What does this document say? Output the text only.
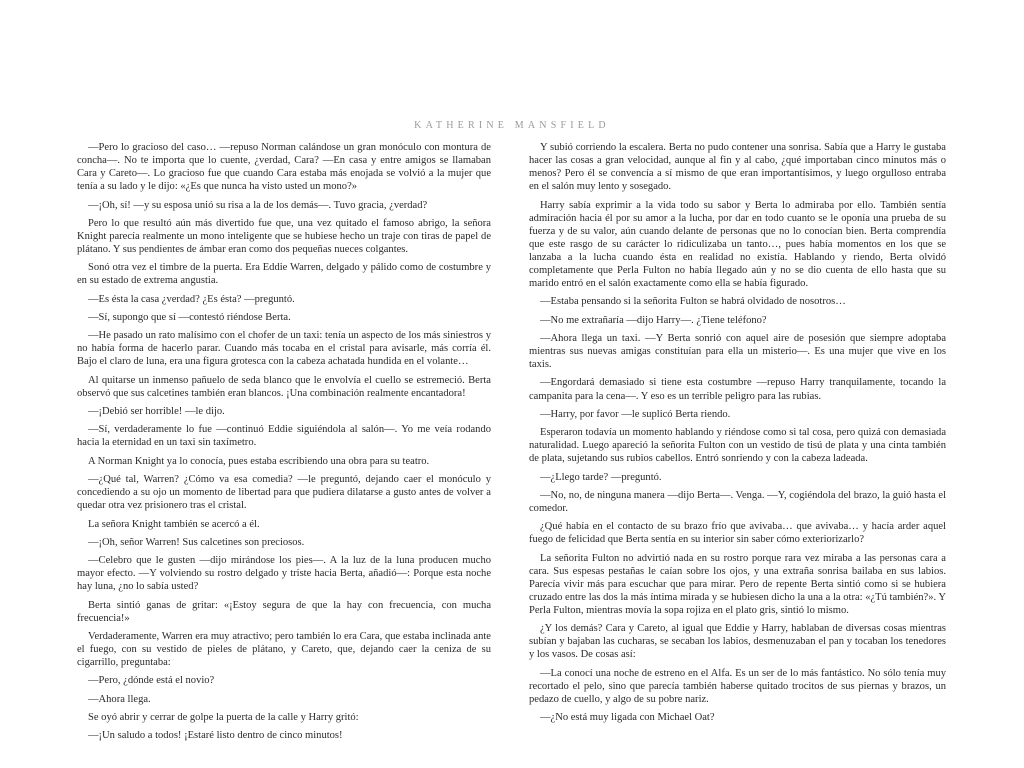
KATHERINE MANSFIELD

—Pero lo gracioso del caso… —repuso Norman calándose un gran monóculo con montura de concha—. No te importa que lo cuente, ¿verdad, Cara? —En casa y entre amigos se llamaban Cara y Careto—. Lo gracioso fue que cuando Cara estaba más enojada se volvió a la mujer que tenía a su lado y le dijo: «¿Es que nunca ha visto usted un mono?»

—¡Oh, sí! —y su esposa unió su risa a la de los demás—. Tuvo gracia, ¿verdad?

Pero lo que resultó aún más divertido fue que, una vez quitado el famoso abrigo, la señora Knight parecía realmente un mono inteligente que se hubiese hecho un traje con tiras de papel de plátano. Y sus pendientes de ámbar eran como dos pequeñas nueces colgantes.

Sonó otra vez el timbre de la puerta. Era Eddie Warren, delgado y pálido como de costumbre y en su estado de extrema angustia.

—Es ésta la casa ¿verdad? ¿Es ésta? —preguntó.

—Sí, supongo que sí —contestó riéndose Berta.

—He pasado un rato malísimo con el chofer de un taxi: tenía un aspecto de los más siniestros y no había forma de hacerlo parar. Cuando más tocaba en el cristal para avisarle, más corría él. Bajo el claro de luna, era una figura grotesca con la cabeza achatada hundida en el volante…

Al quitarse un inmenso pañuelo de seda blanco que le envolvía el cuello se estremeció. Berta observó que sus calcetines también eran blancos. ¡Una combinación realmente encantadora!

—¡Debió ser horrible! —le dijo.

—Sí, verdaderamente lo fue —continuó Eddie siguiéndola al salón—. Yo me veía rodando hacia la eternidad en un taxi sin taxímetro.

A Norman Knight ya lo conocía, pues estaba escribiendo una obra para su teatro.

—¿Qué tal, Warren? ¿Cómo va esa comedia? —le preguntó, dejando caer el monóculo y concediendo a su ojo un momento de libertad para que pudiera dilatarse a gusto antes de volver a quedar otra vez prisionero tras el cristal.

La señora Knight también se acercó a él.

—¡Oh, señor Warren! Sus calcetines son preciosos.

—Celebro que le gusten —dijo mirándose los pies—. A la luz de la luna producen mucho mayor efecto. —Y volviendo su rostro delgado y triste hacia Berta, añadió—: Porque esta noche hay luna, ¿no lo sabía usted?

Berta sintió ganas de gritar: «¡Estoy segura de que la hay con frecuencia, con mucha frecuencia!»

Verdaderamente, Warren era muy atractivo; pero también lo era Cara, que estaba inclinada ante el fuego, con su vestido de pieles de plátano, y Careto, que, dejando caer la ceniza de su cigarrillo, preguntaba:

—Pero, ¿dónde está el novio?

—Ahora llega.

Se oyó abrir y cerrar de golpe la puerta de la calle y Harry gritó:

—¡Un saludo a todos! ¡Estaré listo dentro de cinco minutos!

Y subió corriendo la escalera. Berta no pudo contener una sonrisa. Sabía que a Harry le gustaba hacer las cosas a gran velocidad, aunque al fin y al cabo, ¿qué importaban cinco minutos más o menos? Pero él se convencía a sí mismo de que eran importantísimos, y luego orgulloso entraba en el salón muy lento y sosegado.

Harry sabía exprimir a la vida todo su sabor y Berta lo admiraba por ello. También sentía admiración hacia él por su amor a la lucha, por dar en todo cuanto se le oponía una prueba de su fuerza y de su valor, aún cuando delante de personas que no lo conocían bien. Berta comprendía que este rasgo de su carácter lo ridiculizaba un tanto…, pues había momentos en los que se lanzaba a la lucha cuando ésta en realidad no existía. Hablando y riendo, Berta olvidó completamente que Perla Fulton no había llegado aún y no se dio cuenta de ello hasta que su marido entró en el salón exactamente como ella se había figurado.

—Estaba pensando si la señorita Fulton se habrá olvidado de nosotros…

—No me extrañaría —dijo Harry—. ¿Tiene teléfono?

—Ahora llega un taxi. —Y Berta sonrió con aquel aire de posesión que siempre adoptaba mientras sus nuevas amigas constituían para ella un misterio—. Es una mujer que vive en los taxis.

—Engordará demasiado si tiene esta costumbre —repuso Harry tranquilamente, tocando la campanita para la cena—. Y eso es un terrible peligro para las rubias.

—Harry, por favor —le suplicó Berta riendo.

Esperaron todavía un momento hablando y riéndose como si tal cosa, pero quizá con demasiada naturalidad. Luego apareció la señorita Fulton con un vestido de tisú de plata y una cinta también de plata, sujetando sus rubios cabellos. Entró sonriendo y con la cabeza ladeada.

—¿Llego tarde? —preguntó.

—No, no, de ninguna manera —dijo Berta—. Venga. —Y, cogiéndola del brazo, la guió hasta el comedor.

¿Qué había en el contacto de su brazo frío que avivaba… que avivaba… y hacía arder aquel fuego de felicidad que Berta sentía en su interior sin saber cómo exteriorizarlo?

La señorita Fulton no advirtió nada en su rostro porque rara vez miraba a las personas cara a cara. Sus espesas pestañas le caían sobre los ojos, y una extraña sonrisa bailaba en sus labios. Parecía vivir más para escuchar que para mirar. Pero de repente Berta sintió como si se hubiera cruzado entre las dos la más íntima mirada y se hubiesen dicho la una a la otra: «¿Tú también?». Y Perla Fulton, mientras movía la sopa rojiza en el plato gris, sintió lo mismo.

¿Y los demás? Cara y Careto, al igual que Eddie y Harry, hablaban de diversas cosas mientras subían y bajaban las cucharas, se secaban los labios, desmenuzaban el pan y tocaban los tenedores y los vasos. De cosas así:

—La conocí una noche de estreno en el Alfa. Es un ser de lo más fantástico. No sólo tenía muy recortado el pelo, sino que parecía también haberse quitado trocitos de sus piernas y brazos, un pedazo de cuello, y algo de su pobre nariz.

—¿No está muy ligada con Michael Oat?
